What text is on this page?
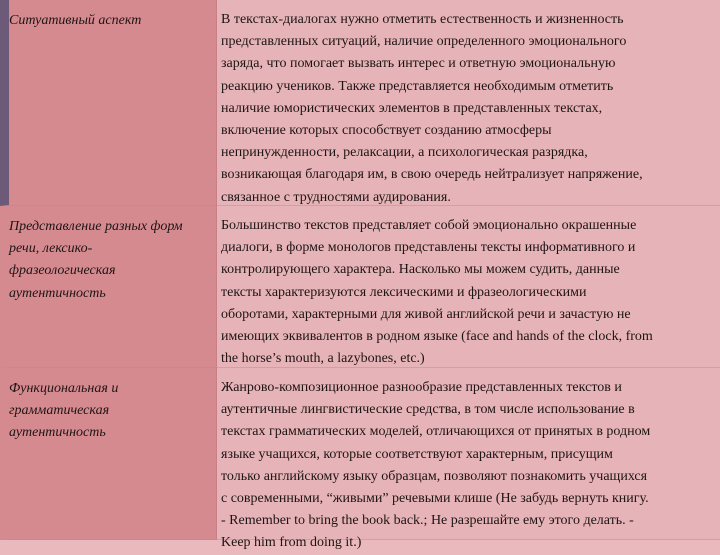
Ситуативный аспект	В текстах-диалогах нужно отметить естественность и жизненность
представленных ситуаций, наличие определенного эмоционального
заряда, что помогает вызвать интерес и ответную эмоциональную
реакцию учеников. Также представляется необходимым отметить
наличие юмористических элементов в представленных текстах,
включение которых способствует созданию атмосферы
непринужденности, релаксации, а психологическая разрядка,
возникающая благодаря им, в свою очередь нейтрализует напряжение,
связанное с трудностями аудирования.
Представление разных форм
речи, лексико-
фразеологическая
аутентичность
Большинство текстов представляет собой эмоционально окрашенные
диалоги, в форме монологов представлены тексты информативного и
контролирующего характера. Насколько мы можем судить, данные
тексты характеризуются лексическими и фразеологическими
оборотами, характерными для живой английской речи и зачастую не
имеющих эквивалентов в родном языке (face and hands of the clock, from
the horse’s mouth, a lazybones, etc.)
Функциональная и
грамматическая
аутентичность
Жанрово-композиционное разнообразие представленных текстов и
аутентичные лингвистические средства, в том числе использование в
текстах грамматических моделей, отличающихся от принятых в родном
языке учащихся, которые соответствуют характерным, присущим
только английскому языку образцам, позволяют познакомить учащихся
с современными, “живыми” речевыми клише (Не забудь вернуть книгу.
- Remember to bring the book back.; Не разрешайте ему этого делать. -
Keep him from doing it.)
